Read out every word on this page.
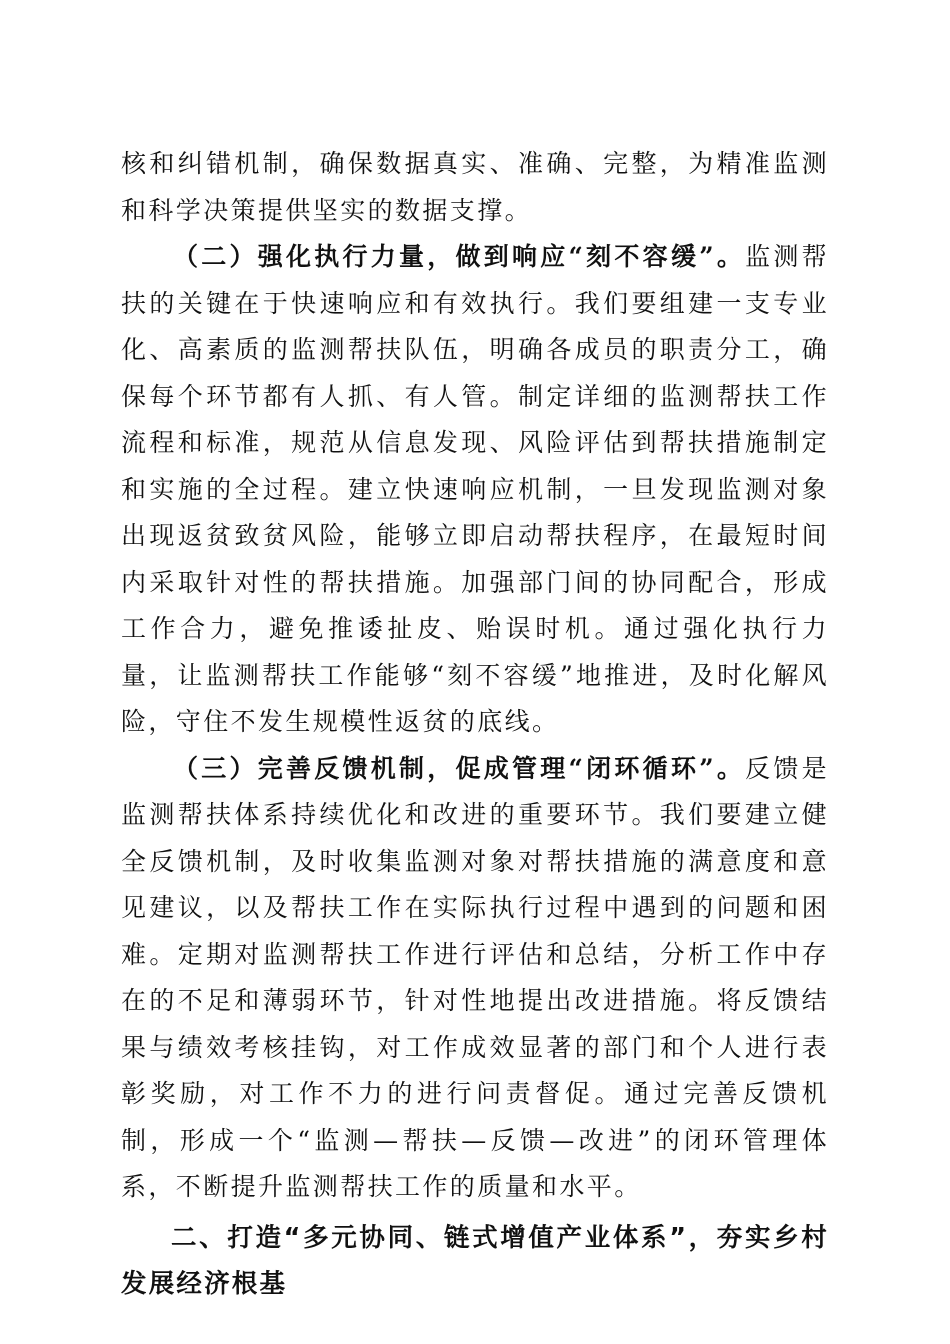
核和纠错机制，确保数据真实、准确、完整，为精准监测和科学决策提供坚实的数据支撑。

（二）强化执行力量，做到响应“刻不容缓”。监测帮扶的关键在于快速响应和有效执行。我们要组建一支专业化、高素质的监测帮扶队伍，明确各成员的职责分工，确保每个环节都有人抓、有人管。制定详细的监测帮扶工作流程和标准，规范从信息发现、风险评估到帮扶措施制定和实施的全过程。建立快速响应机制，一旦发现监测对象出现返贫致贫风险，能够立即启动帮扶程序，在最短时间内采取针对性的帮扶措施。加强部门间的协同配合，形成工作合力，避免推诿扯皮、贻误时机。通过强化执行力量，让监测帮扶工作能够“刻不容缓”地推进，及时化解风险，守住不发生规模性返贫的底线。

（三）完善反馈机制，促成管理“闭环循环”。反馈是监测帮扶体系持续优化和改进的重要环节。我们要建立健全反馈机制，及时收集监测对象对帮扶措施的满意度和意见建议，以及帮扶工作在实际执行过程中遇到的问题和困难。定期对监测帮扶工作进行评估和总结，分析工作中存在的不足和薄弱环节，针对性地提出改进措施。将反馈结果与绩效考核挂钩，对工作成效显著的部门和个人进行表彰奖励，对工作不力的进行问责督促。通过完善反馈机制，形成一个“监测—帮扶—反馈—改进”的闭环管理体系，不断提升监测帮扶工作的质量和水平。

二、打造“多元协同、链式增值产业体系”，夯实乡村发展经济根基
